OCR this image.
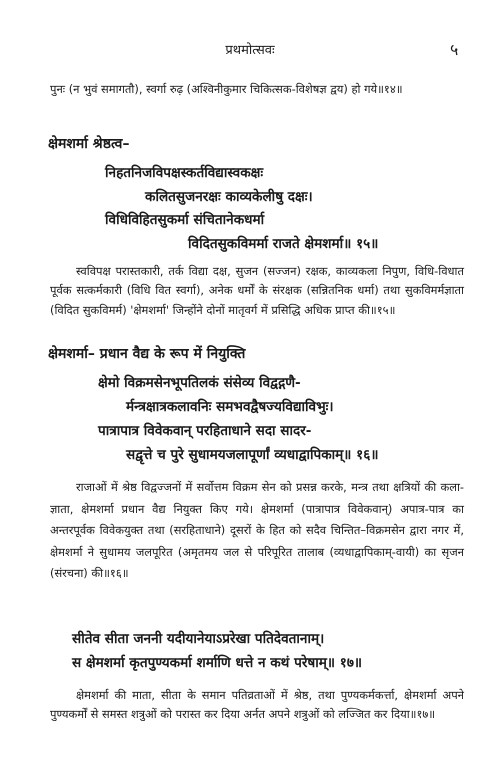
प्रथमोत्सवः	५

पुनः (न भुवं समागतौ), स्वर्गा रुढ़ (अश्विनीकुमार चिकित्सक-विशेषज्ञ द्वय) हो गये॥१४॥

क्षेमशर्मा श्रेष्ठत्व–
निहतनिजविपक्षस्कर्तविद्यास्वकक्षः
कलितसुजनरक्षः काव्यकेलीषु दक्षः।
विधिविहितसुकर्मा संचितानेकधर्मा
विदितसुकविमर्मा राजते क्षेमशर्मा॥ १५॥

स्वविपक्ष परास्तकारी, तर्क विद्या दक्ष, सुजन (सज्जन) रक्षक, काव्यकला निपुण, विधि-विधात पूर्वक सत्कर्मकारी (विधि वित स्वर्गा), अनेक धर्मों के संरक्षक (सन्नितनिक धर्मा) तथा सुकविमर्मज्ञाता (विदित सुकविमर्म) 'क्षेमशर्मा' जिन्होंने दोनों मातृवर्ग में प्रसिद्धि अधिक प्राप्त की॥१५॥

क्षेमशर्मा– प्रधान वैद्य के रूप में नियुक्ति
क्षेमो विक्रमसेनभूपतिलकं संसेव्य विद्वद्गणै-
र्मन्त्रक्षात्रकलावनिः समभवद्वैषज्यविद्याविभुः।
पात्रापात्र विवेकवान् परहिताधाने सदा सादर-
सद्वृत्ते च पुरे सुधामयजलापूर्णां व्यधाद्वापिकाम्॥ १६॥

राजाओं में श्रेष्ठ विद्वज्जनों में सर्वोत्तम विक्रम सेन को प्रसन्न करके, मन्त्र तथा क्षत्रियों की कला-ज्ञाता, क्षेमशर्मा प्रधान वैद्य नियुक्त किए गये। क्षेमशर्मा (पात्रापात्र विवेकवान्) अपात्र-पात्र का अन्तरपूर्वक विवेकयुक्त तथा (सरहिताधाने) दूसरों के हित को सदैव चिन्तित–विक्रमसेन द्वारा नगर में, क्षेमशर्मा ने सुधामय जलपूरित (अमृतमय जल से परिपूरित तालाब (व्यधाद्वापिकाम्-वायी) का सृजन (संरचना) की॥१६॥

सीतेव सीता जननी यदीयानेयाऽप्ररेखा पतिदेवतानाम्।
स क्षेमशर्मा कृतपुण्यकर्मा शर्माणि धत्ते न कथं परेषाम्॥ १७॥

क्षेमशर्मा की माता, सीता के समान पतिव्रताओं में श्रेष्ठ, तथा पुण्यकर्मकर्त्ता, क्षेमशर्मा अपने पुण्यकर्मों से समस्त शत्रुओं को परास्त कर दिया अर्नत अपने शत्रुओं को लज्जित कर दिया॥१७॥
